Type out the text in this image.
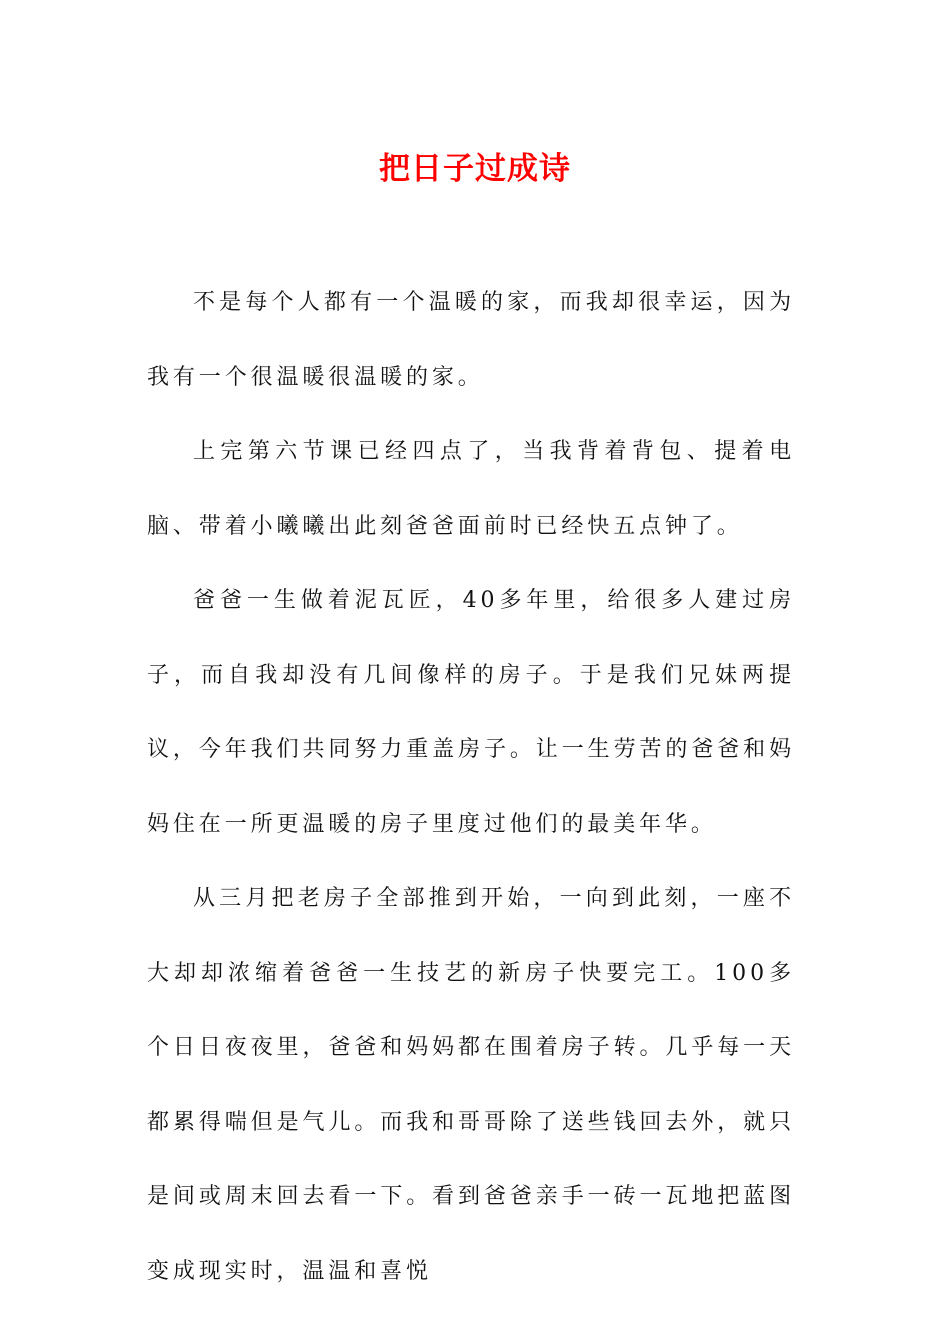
把日子过成诗

不是每个人都有一个温暖的家，而我却很幸运，因为我有一个很温暖很温暖的家。

上完第六节课已经四点了，当我背着背包、提着电脑、带着小曦曦出此刻爸爸面前时已经快五点钟了。

爸爸一生做着泥瓦匠，40多年里，给很多人建过房子，而自我却没有几间像样的房子。于是我们兄妹两提议，今年我们共同努力重盖房子。让一生劳苦的爸爸和妈妈住在一所更温暖的房子里度过他们的最美年华。

从三月把老房子全部推到开始，一向到此刻，一座不大却却浓缩着爸爸一生技艺的新房子快要完工。100多个日日夜夜里，爸爸和妈妈都在围着房子转。几乎每一天都累得喘但是气儿。而我和哥哥除了送些钱回去外，就只是间或周末回去看一下。看到爸爸亲手一砖一瓦地把蓝图变成现实时，温温和喜悦
